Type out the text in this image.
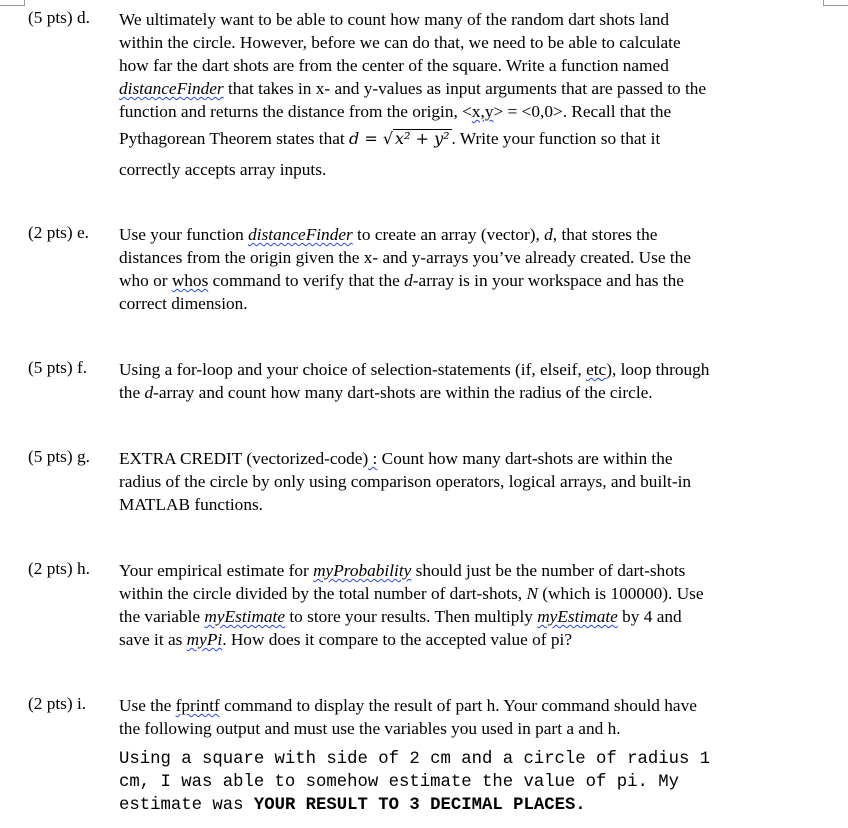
(5 pts) d. We ultimately want to be able to count how many of the random dart shots land
within the circle. However, before we can do that, we need to be able to calculate
how far the dart shots are from the center of the square. Write a function named
distanceFinder that takes in x- and y-values as input arguments that are passed to the
function and returns the distance from the origin, <x,y> = <0,0>. Recall that the
Pythagorean Theorem states that d = √ x² + y² . Write your function so that it
correctly accepts array inputs.
(2 pts) e. Use your function distanceFinder to create an array (vector), d, that stores the
distances from the origin given the x- and y-arrays you’ve already created. Use the
who or whos command to verify that the d-array is in your workspace and has the
correct dimension.
(5 pts) f. Using a for-loop and your choice of selection-statements (if, elseif, etc), loop through
the d-array and count how many dart-shots are within the radius of the circle.
(5 pts) g. EXTRA CREDIT (vectorized-code) : Count how many dart-shots are within the
radius of the circle by only using comparison operators, logical arrays, and built-in
MATLAB functions.
(2 pts) h. Your empirical estimate for myProbability should just be the number of dart-shots
within the circle divided by the total number of dart-shots, N (which is 100000). Use
the variable myEstimate to store your results. Then multiply myEstimate by 4 and
save it as myPi. How does it compare to the accepted value of pi?
(2 pts) i. Use the fprintf command to display the result of part h. Your command should have
the following output and must use the variables you used in part a and h.
Using a square with side of 2 cm and a circle of radius 1
cm, I was able to somehow estimate the value of pi. My
estimate was YOUR RESULT TO 3 DECIMAL PLACES.
